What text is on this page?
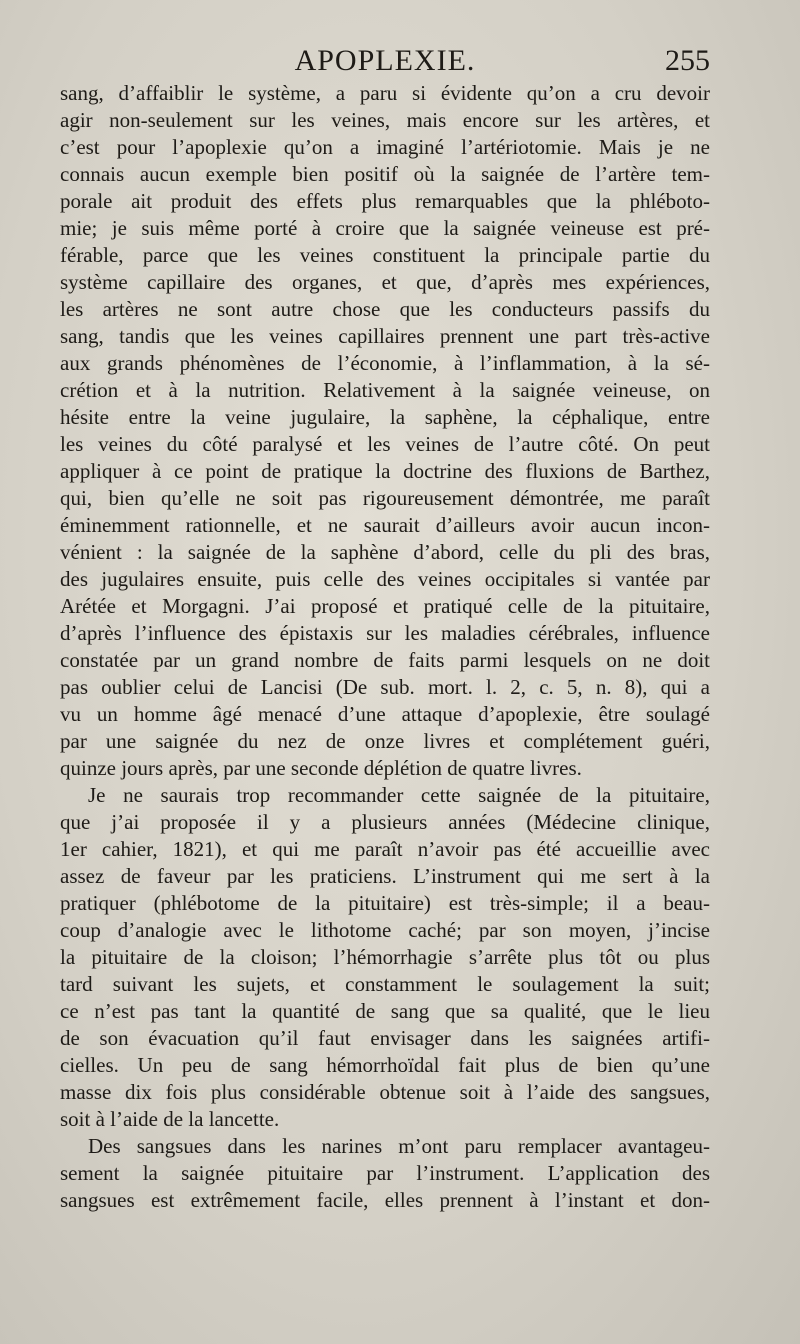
APOPLEXIE.	255
sang, d’affaiblir le système, a paru si évidente qu’on a cru devoir
agir non-seulement sur les veines, mais encore sur les artères, et
c’est pour l’apoplexie qu’on a imaginé l’artériotomie. Mais je ne
connais aucun exemple bien positif où la saignée de l’artère tem-
porale ait produit des effets plus remarquables que la phléboto-
mie; je suis même porté à croire que la saignée veineuse est pré-
férable, parce que les veines constituent la principale partie du
système capillaire des organes, et que, d’après mes expériences,
les artères ne sont autre chose que les conducteurs passifs du
sang, tandis que les veines capillaires prennent une part très-active
aux grands phénomènes de l’économie, à l’inflammation, à la sé-
crétion et à la nutrition. Relativement à la saignée veineuse, on
hésite entre la veine jugulaire, la saphène, la céphalique, entre
les veines du côté paralysé et les veines de l’autre côté. On peut
appliquer à ce point de pratique la doctrine des fluxions de Barthez,
qui, bien qu’elle ne soit pas rigoureusement démontrée, me paraît
éminemment rationnelle, et ne saurait d’ailleurs avoir aucun incon-
vénient : la saignée de la saphène d’abord, celle du pli des bras,
des jugulaires ensuite, puis celle des veines occipitales si vantée par
Arétée et Morgagni. J’ai proposé et pratiqué celle de la pituitaire,
d’après l’influence des épistaxis sur les maladies cérébrales, influence
constatée par un grand nombre de faits parmi lesquels on ne doit
pas oublier celui de Lancisi (De sub. mort. l. 2, c. 5, n. 8), qui a
vu un homme âgé menacé d’une attaque d’apoplexie, être soulagé
par une saignée du nez de onze livres et complétement guéri,
quinze jours après, par une seconde déplétion de quatre livres.
Je ne saurais trop recommander cette saignée de la pituitaire,
que j’ai proposée il y a plusieurs années (Médecine clinique,
1er cahier, 1821), et qui me paraît n’avoir pas été accueillie avec
assez de faveur par les praticiens. L’instrument qui me sert à la
pratiquer (phlébotome de la pituitaire) est très-simple; il a beau-
coup d’analogie avec le lithotome caché; par son moyen, j’incise
la pituitaire de la cloison; l’hémorrhagie s’arrête plus tôt ou plus
tard suivant les sujets, et constamment le soulagement la suit;
ce n’est pas tant la quantité de sang que sa qualité, que le lieu
de son évacuation qu’il faut envisager dans les saignées artifi-
cielles. Un peu de sang hémorrhoïdal fait plus de bien qu’une
masse dix fois plus considérable obtenue soit à l’aide des sangsues,
soit à l’aide de la lancette.
Des sangsues dans les narines m’ont paru remplacer avantageu-
sement la saignée pituitaire par l’instrument. L’application des
sangsues est extrêmement facile, elles prennent à l’instant et don-
